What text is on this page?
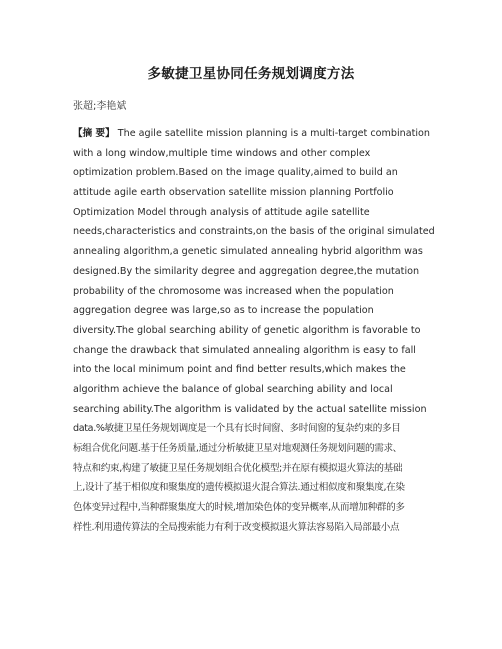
多敏捷卫星协同任务规划调度方法
张超;李艳斌
【摘 要】 The agile satellite mission planning is a multi-target combination
with a long window,multiple time windows and other complex
optimization problem.Based on the image quality,aimed to build an
attitude agile earth observation satellite mission planning Portfolio
Optimization Model through analysis of attitude agile satellite
needs,characteristics and constraints,on the basis of the original simulated
annealing algorithm,a genetic simulated annealing hybrid algorithm was
designed.By the similarity degree and aggregation degree,the mutation
probability of the chromosome was increased when the population
aggregation degree was large,so as to increase the population
diversity.The global searching ability of genetic algorithm is favorable to
change the drawback that simulated annealing algorithm is easy to fall
into the local minimum point and find better results,which makes the
algorithm achieve the balance of global searching ability and local
searching ability.The algorithm is validated by the actual satellite mission
data.%敏捷卫星任务规划调度是一个具有长时间窗、多时间窗的复杂约束的多目
标组合优化问题.基于任务质量,通过分析敏捷卫星对地观测任务规划问题的需求、
特点和约束,构建了敏捷卫星任务规划组合优化模型;并在原有模拟退火算法的基础
上,设计了基于相似度和聚集度的遗传模拟退火混合算法.通过相似度和聚集度,在染
色体变异过程中,当种群聚集度大的时候,增加染色体的变异概率,从而增加种群的多
样性.利用遗传算法的全局搜索能力有利于改变模拟退火算法容易陷入局部最小点
